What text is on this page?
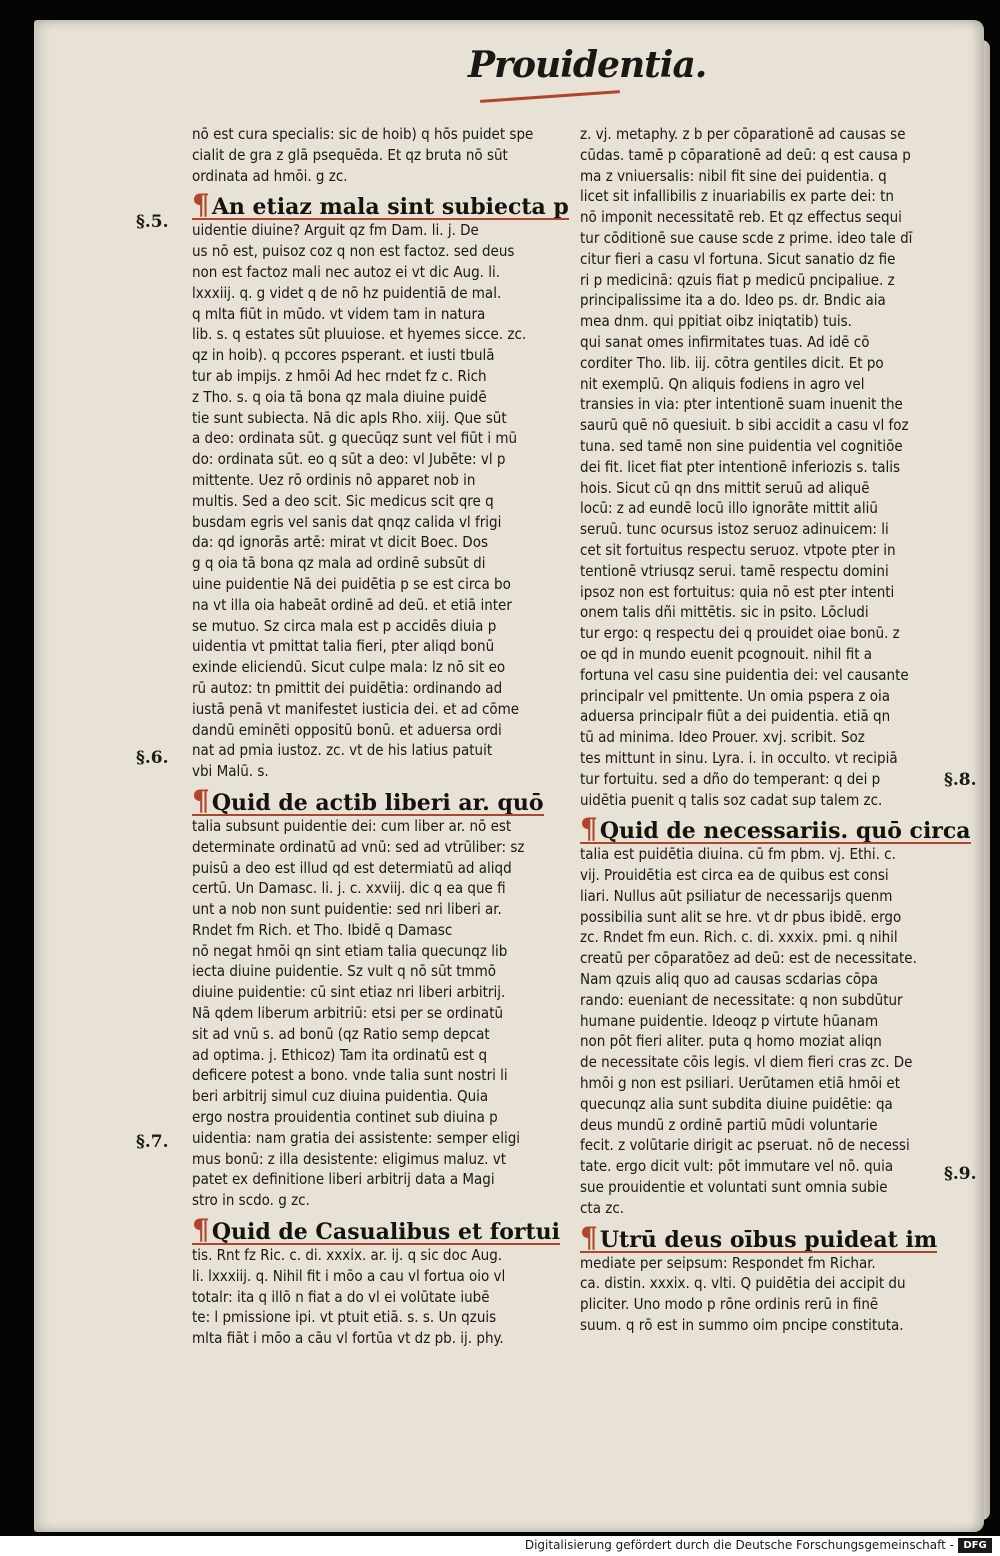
Prouidentia.
nō est cura specialis: sic de hoib) q hōs puidet spe
cialit de gra z glā psequēda. Et qz bruta nō sūt
ordinata ad hmōi. g zc.
¶An etiaz mala sint subiecta p
uidentie diuine? Arguit qz fm Dam. li. j. De
us nō est, puisoz coz q non est factoz. sed deus
non est factoz mali nec autoz ei vt dic Aug. li.
lxxxiij. q. g videt q de nō hz puidentiā de mal.
q mlta fiūt in mūdo. vt videm tam in natura
lib. s. q estates sūt pluuiose. et hyemes sicce. zc.
qz in hoib). q pccores psperant. et iusti tbulā
tur ab impijs. z hmōi Ad hec rndet fz c. Rich
z Tho. s. q oia tā bona qz mala diuine puidē
tie sunt subiecta. Nā dic apls Rho. xiij. Que sūt
a deo: ordinata sūt. g quecūqz sunt vel fiūt i mū
do: ordinata sūt. eo q sūt a deo: vl Jubēte: vl p
mittente. Uez rō ordinis nō apparet nob in
multis. Sed a deo scit. Sic medicus scit qre q
busdam egris vel sanis dat qnqz calida vl frigi
da: qd ignorās artē: mirat vt dicit Boec. Dos
g q oia tā bona qz mala ad ordinē subsūt di
uine puidentie Nā dei puidētia p se est circa bo
na vt illa oia habeāt ordinē ad deū. et etiā inter
se mutuo. Sz circa mala est p accidēs diuia p
uidentia vt pmittat talia fieri, pter aliqd bonū
exinde eliciendū. Sicut culpe mala: lz nō sit eo
rū autoz: tn pmittit dei puidētia: ordinando ad
iustā penā vt manifestet iusticia dei. et ad cōme
dandū eminēti oppositū bonū. et aduersa ordi
nat ad pmia iustoz. zc. vt de his latius patuit
vbi Malū. s.
¶Quid de actib liberi ar. quō
talia subsunt puidentie dei: cum liber ar. nō est
determinate ordinatū ad vnū: sed ad vtrūliber: sz
puisū a deo est illud qd est determiatū ad aliqd
certū. Un Damasc. li. j. c. xxviij. dic q ea que fi
unt a nob non sunt puidentie: sed nri liberi ar.
Rndet fm Rich. et Tho. Ibidē q Damasc
nō negat hmōi qn sint etiam talia quecunqz lib
iecta diuine puidentie. Sz vult q nō sūt tmmō
diuine puidentie: cū sint etiaz nri liberi arbitrij.
Nā qdem liberum arbitriū: etsi per se ordinatū
sit ad vnū s. ad bonū (qz Ratio semp depcat
ad optima. j. Ethicoz) Tam ita ordinatū est q
deficere potest a bono. vnde talia sunt nostri li
beri arbitrij simul cuz diuina puidentia. Quia
ergo nostra prouidentia continet sub diuina p
uidentia: nam gratia dei assistente: semper eligi
mus bonū: z illa desistente: eligimus maluz. vt
patet ex definitione liberi arbitrij data a Magi
stro in scdo. g zc.
¶Quid de Casualibus et fortui
tis. Rnt fz Ric. c. di. xxxix. ar. ij. q sic doc Aug.
li. lxxxiij. q. Nihil fit i mōo a cau vl fortua oio vl
totalr: ita q illō n fiat a do vl ei volūtate iubē
te: l pmissione ipi. vt ptuit etiā. s. s. Un qzuis
mlta fiāt i mōo a cāu vl fortūa vt dz pb. ij. phy.
z. vj. metaphy. z b per cōparationē ad causas se
cūdas. tamē p cōparationē ad deū: q est causa p
ma z vniuersalis: nibil fit sine dei puidentia. q
licet sit infallibilis z inuariabilis ex parte dei: tn
nō imponit necessitatē reb. Et qz effectus sequi
tur cōditionē sue cause scde z prime. ideo tale dī
citur fieri a casu vl fortuna. Sicut sanatio dz fie
ri p medicinā: qzuis fiat p medicū pncipaliue. z
principalissime ita a do. Ideo ps. dr. Bndic aia
mea dnm. qui ppitiat oibz iniqtatib) tuis.
qui sanat omes infirmitates tuas. Ad idē cō
corditer Tho. lib. iij. cōtra gentiles dicit. Et po
nit exemplū. Qn aliquis fodiens in agro vel
transies in via: pter intentionē suam inuenit the
saurū quē nō quesiuit. b sibi accidit a casu vl foz
tuna. sed tamē non sine puidentia vel cognitiōe
dei fit. licet fiat pter intentionē inferiozis s. talis
hois. Sicut cū qn dns mittit seruū ad aliquē
locū: z ad eundē locū illo ignorāte mittit aliū
seruū. tunc ocursus istoz seruoz adinuicem: li
cet sit fortuitus respectu seruoz. vtpote pter in
tentionē vtriusqz serui. tamē respectu domini
ipsoz non est fortuitus: quia nō est pter intenti
onem talis dñi mittētis. sic in psito. Lōcludi
tur ergo: q respectu dei q prouidet oiae bonū. z
oe qd in mundo euenit pcognouit. nihil fit a
fortuna vel casu sine puidentia dei: vel causante
principalr vel pmittente. Un omia pspera z oia
aduersa principalr fiūt a dei puidentia. etiā qn
tū ad minima. Ideo Prouer. xvj. scribit. Soz
tes mittunt in sinu. Lyra. i. in occulto. vt recipiā
tur fortuitu. sed a dño do temperant: q dei p
uidētia puenit q talis soz cadat sup talem zc.
¶Quid de necessariis. quō circa
talia est puidētia diuina. cū fm pbm. vj. Ethi. c.
vij. Prouidētia est circa ea de quibus est consi
liari. Nullus aūt psiliatur de necessarijs quenm
possibilia sunt alit se hre. vt dr pbus ibidē. ergo
zc. Rndet fm eun. Rich. c. di. xxxix. pmi. q nihil
creatū per cōparatōez ad deū: est de necessitate.
Nam qzuis aliq quo ad causas scdarias cōpa
rando: eueniant de necessitate: q non subdūtur
humane puidentie. Ideoqz p virtute hūanam
non pōt fieri aliter. puta q homo moziat aliqn
de necessitate cōis legis. vl diem fieri cras zc. De
hmōi g non est psiliari. Uerūtamen etiā hmōi et
quecunqz alia sunt subdita diuine puidētie: qa
deus mundū z ordinē partiū mūdi voluntarie
fecit. z volūtarie dirigit ac pseruat. nō de necessi
tate. ergo dicit vult: pōt immutare vel nō. quia
sue prouidentie et voluntati sunt omnia subie
cta zc.
¶Utrū deus oībus puideat im
mediate per seipsum: Respondet fm Richar.
ca. distin. xxxix. q. vlti. Q puidētia dei accipit du
pliciter. Uno modo p rōne ordinis rerū in finē
suum. q rō est in summo oim pncipe constituta.
§.5.
§.6.
§.7.
§.8.
§.9.
Digitalisierung gefördert durch die Deutsche Forschungsgemeinschaft - DFG
